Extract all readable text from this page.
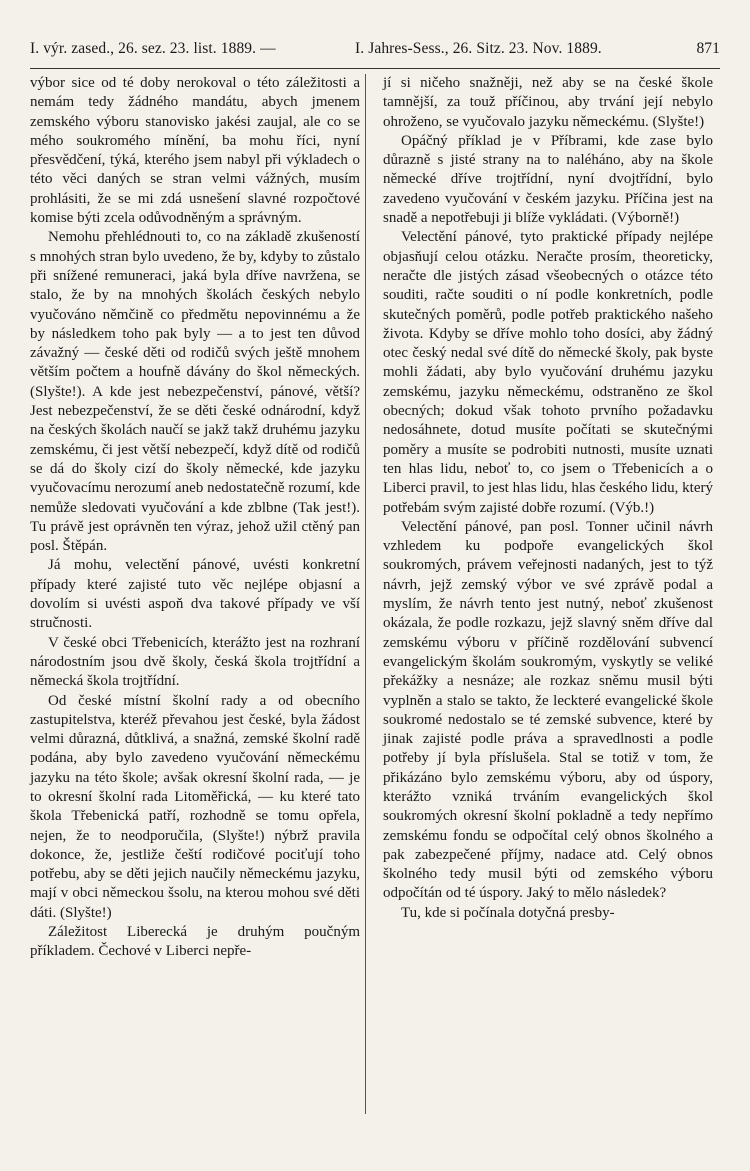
I. výr. zased., 26. sez. 23. list. 1889. —	I. Jahres-Sess., 26. Sitz. 23. Nov. 1889.	871

výbor sice od té doby nerokoval o této záležitosti a nemám tedy žádného mandátu, abych jmenem zemského výboru stanovisko jakési zaujal, ale co se mého soukromého mínění, ba mohu říci, nyní přesvědčení, týká, kterého jsem nabyl při výkladech o této věci daných se stran velmi vážných, musím prohlásiti, že se mi zdá usnešení slavné rozpočtové komise býti zcela odůvodněným a správným.

Nemohu přehlédnouti to, co na základě zkušeností s mnohých stran bylo uvedeno, že by, kdyby to zůstalo při snížené remuneraci, jaká byla dříve navržena, se stalo, že by na mnohých školách českých nebylo vyučováno němčině co předmětu nepovinnému a že by následkem toho pak byly — a to jest ten důvod závažný — české děti od rodičů svých ještě mnohem větším počtem a houfně dávány do škol německých. (Slyšte!). A kde jest nebezpečenství, pánové, větší? Jest nebezpečenství, že se děti české odnárodní, když na českých školách naučí se jakž takž druhému jazyku zemskému, či jest větší nebezpečí, když dítě od rodičů se dá do školy cizí do školy německé, kde jazyku vyučovacímu nerozumí aneb nedostatečně rozumí, kde nemůže sledovati vyučování a kde zblbne (Tak jest!). Tu právě jest oprávněn ten výraz, jehož užil ctěný pan posl. Štěpán.

Já mohu, velectění pánové, uvésti konkretní případy které zajisté tuto věc nejlépe objasní a dovolím si uvésti aspoň dva takové případy ve vší stručnosti.

V české obci Třebenicích, kterážto jest na rozhraní národostním jsou dvě školy, česká škola trojtřídní a německá škola trojtřídní.

Od české místní školní rady a od obecního zastupitelstva, kteréž převahou jest české, byla žádost velmi důrazná, důtklivá, a snažná, zemské školní radě podána, aby bylo zavedeno vyučování německému jazyku na této škole; avšak okresní školní rada, — je to okresní školní rada Litoměřická, — ku které tato škola Třebenická patří, rozhodně se tomu opřela, nejen, že to neodporučila, (Slyšte!) nýbrž pravila dokonce, že, jestliže čeští rodičové pociťují toho potřebu, aby se děti jejich naučily německému jazyku, mají v obci německou šsolu, na kterou mohou své děti dáti. (Slyšte!)

Záležitost Liberecká je druhým poučným příkladem. Čechové v Liberci nepře-

jí si ničeho snažněji, než aby se na české škole tamnější, za touž příčinou, aby trvání její nebylo ohroženo, se vyučovalo jazyku německému. (Slyšte!)

Opáčný příklad je v Příbrami, kde zase bylo důrazně s jisté strany na to naléháno, aby na škole německé dříve trojtřídní, nyní dvojtřídní, bylo zavedeno vyučování v českém jazyku. Příčina jest na snadě a nepotřebuji ji blíže vykládati. (Výborně!)

Velectění pánové, tyto praktické případy nejlépe objasňují celou otázku. Neračte prosím, theoreticky, neračte dle jistých zásad všeobecných o otázce této souditi, račte souditi o ní podle konkretních, podle skutečných poměrů, podle potřeb praktického našeho života. Kdyby se dříve mohlo toho dosíci, aby žádný otec český nedal své dítě do německé školy, pak byste mohli žádati, aby bylo vyučování druhému jazyku zemskému, jazyku německému, odstraněno ze škol obecných; dokud však tohoto prvního požadavku nedosáhnete, dotud musíte počítati se skutečnými poměry a musíte se podrobiti nutnosti, musíte uznati ten hlas lidu, neboť to, co jsem o Třebenicích a o Liberci pravil, to jest hlas lidu, hlas českého lidu, který potřebám svým zajisté dobře rozumí. (Výb.!)

Velectění pánové, pan posl. Tonner učinil návrh vzhledem ku podpoře evangelických škol soukromých, právem veřejnosti nadaných, jest to týž návrh, jejž zemský výbor ve své zprávě podal a myslím, že návrh tento jest nutný, neboť zkušenost okázala, že podle rozkazu, jejž slavný sněm dříve dal zemskému výboru v příčině rozdělování subvencí evangelickým školám soukromým, vyskytly se veliké překážky a nesnáze; ale rozkaz sněmu musil býti vyplněn a stalo se takto, že leckteré evangelické škole soukromé nedostalo se té zemské subvence, které by jinak zajisté podle práva a spravedlnosti a podle potřeby jí byla příslušela. Stal se totiž v tom, že přikázáno bylo zemskému výboru, aby od úspory, kterážto vzniká trváním evangelických škol soukromých okresní školní pokladně a tedy nepřímo zemskému fondu se odpočítal celý obnos školného a pak zabezpečené příjmy, nadace atd. Celý obnos školného tedy musil býti od zemského výboru odpočítán od té úspory. Jaký to mělo následek?

Tu, kde si počínala dotyčná presby-
